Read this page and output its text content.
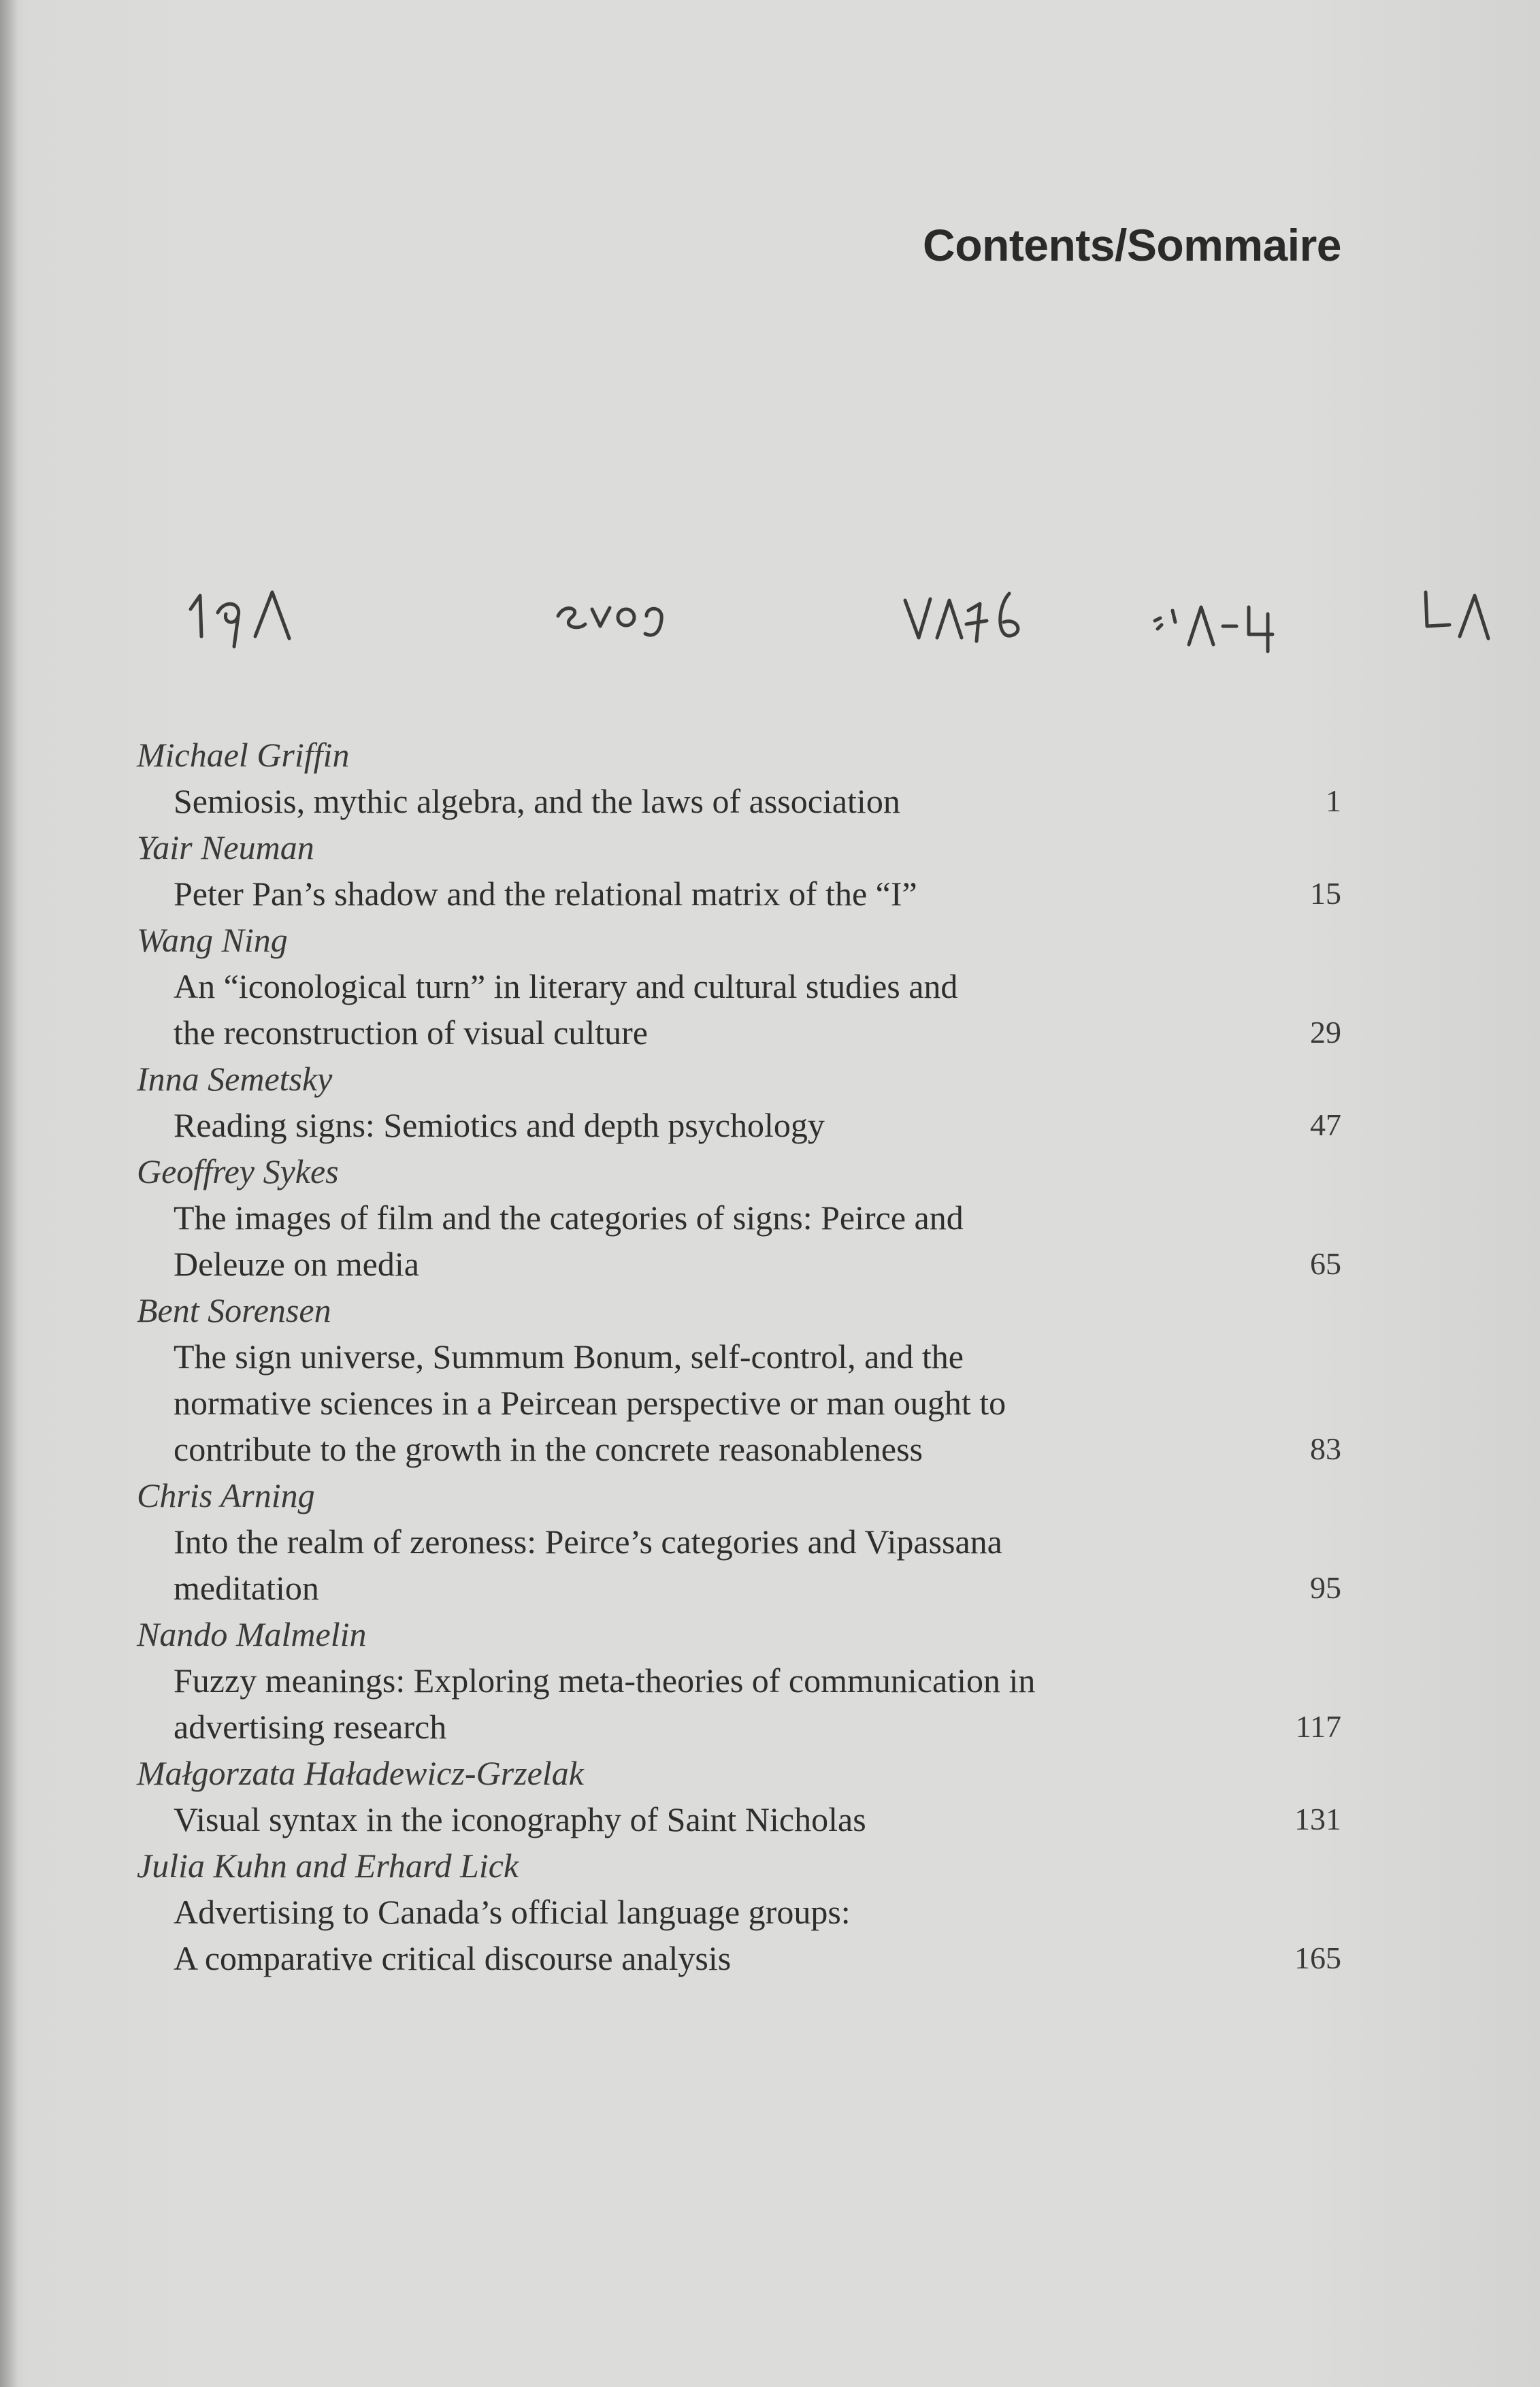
Contents/Sommaire
Michael Griffin
Semiosis, mythic algebra, and the laws of association	1
Yair Neuman
Peter Pan’s shadow and the relational matrix of the “I”	15
Wang Ning
An “iconological turn” in literary and cultural studies and
the reconstruction of visual culture	29
Inna Semetsky
Reading signs: Semiotics and depth psychology	47
Geoffrey Sykes
The images of film and the categories of signs: Peirce and
Deleuze on media	65
Bent Sorensen
The sign universe, Summum Bonum, self-control, and the
normative sciences in a Peircean perspective or man ought to
contribute to the growth in the concrete reasonableness	83
Chris Arning
Into the realm of zeroness: Peirce’s categories and Vipassana
meditation	95
Nando Malmelin
Fuzzy meanings: Exploring meta-theories of communication in
advertising research	117
Małgorzata Haładewicz-Grzelak
Visual syntax in the iconography of Saint Nicholas	131
Julia Kuhn and Erhard Lick
Advertising to Canada’s official language groups:
A comparative critical discourse analysis	165
